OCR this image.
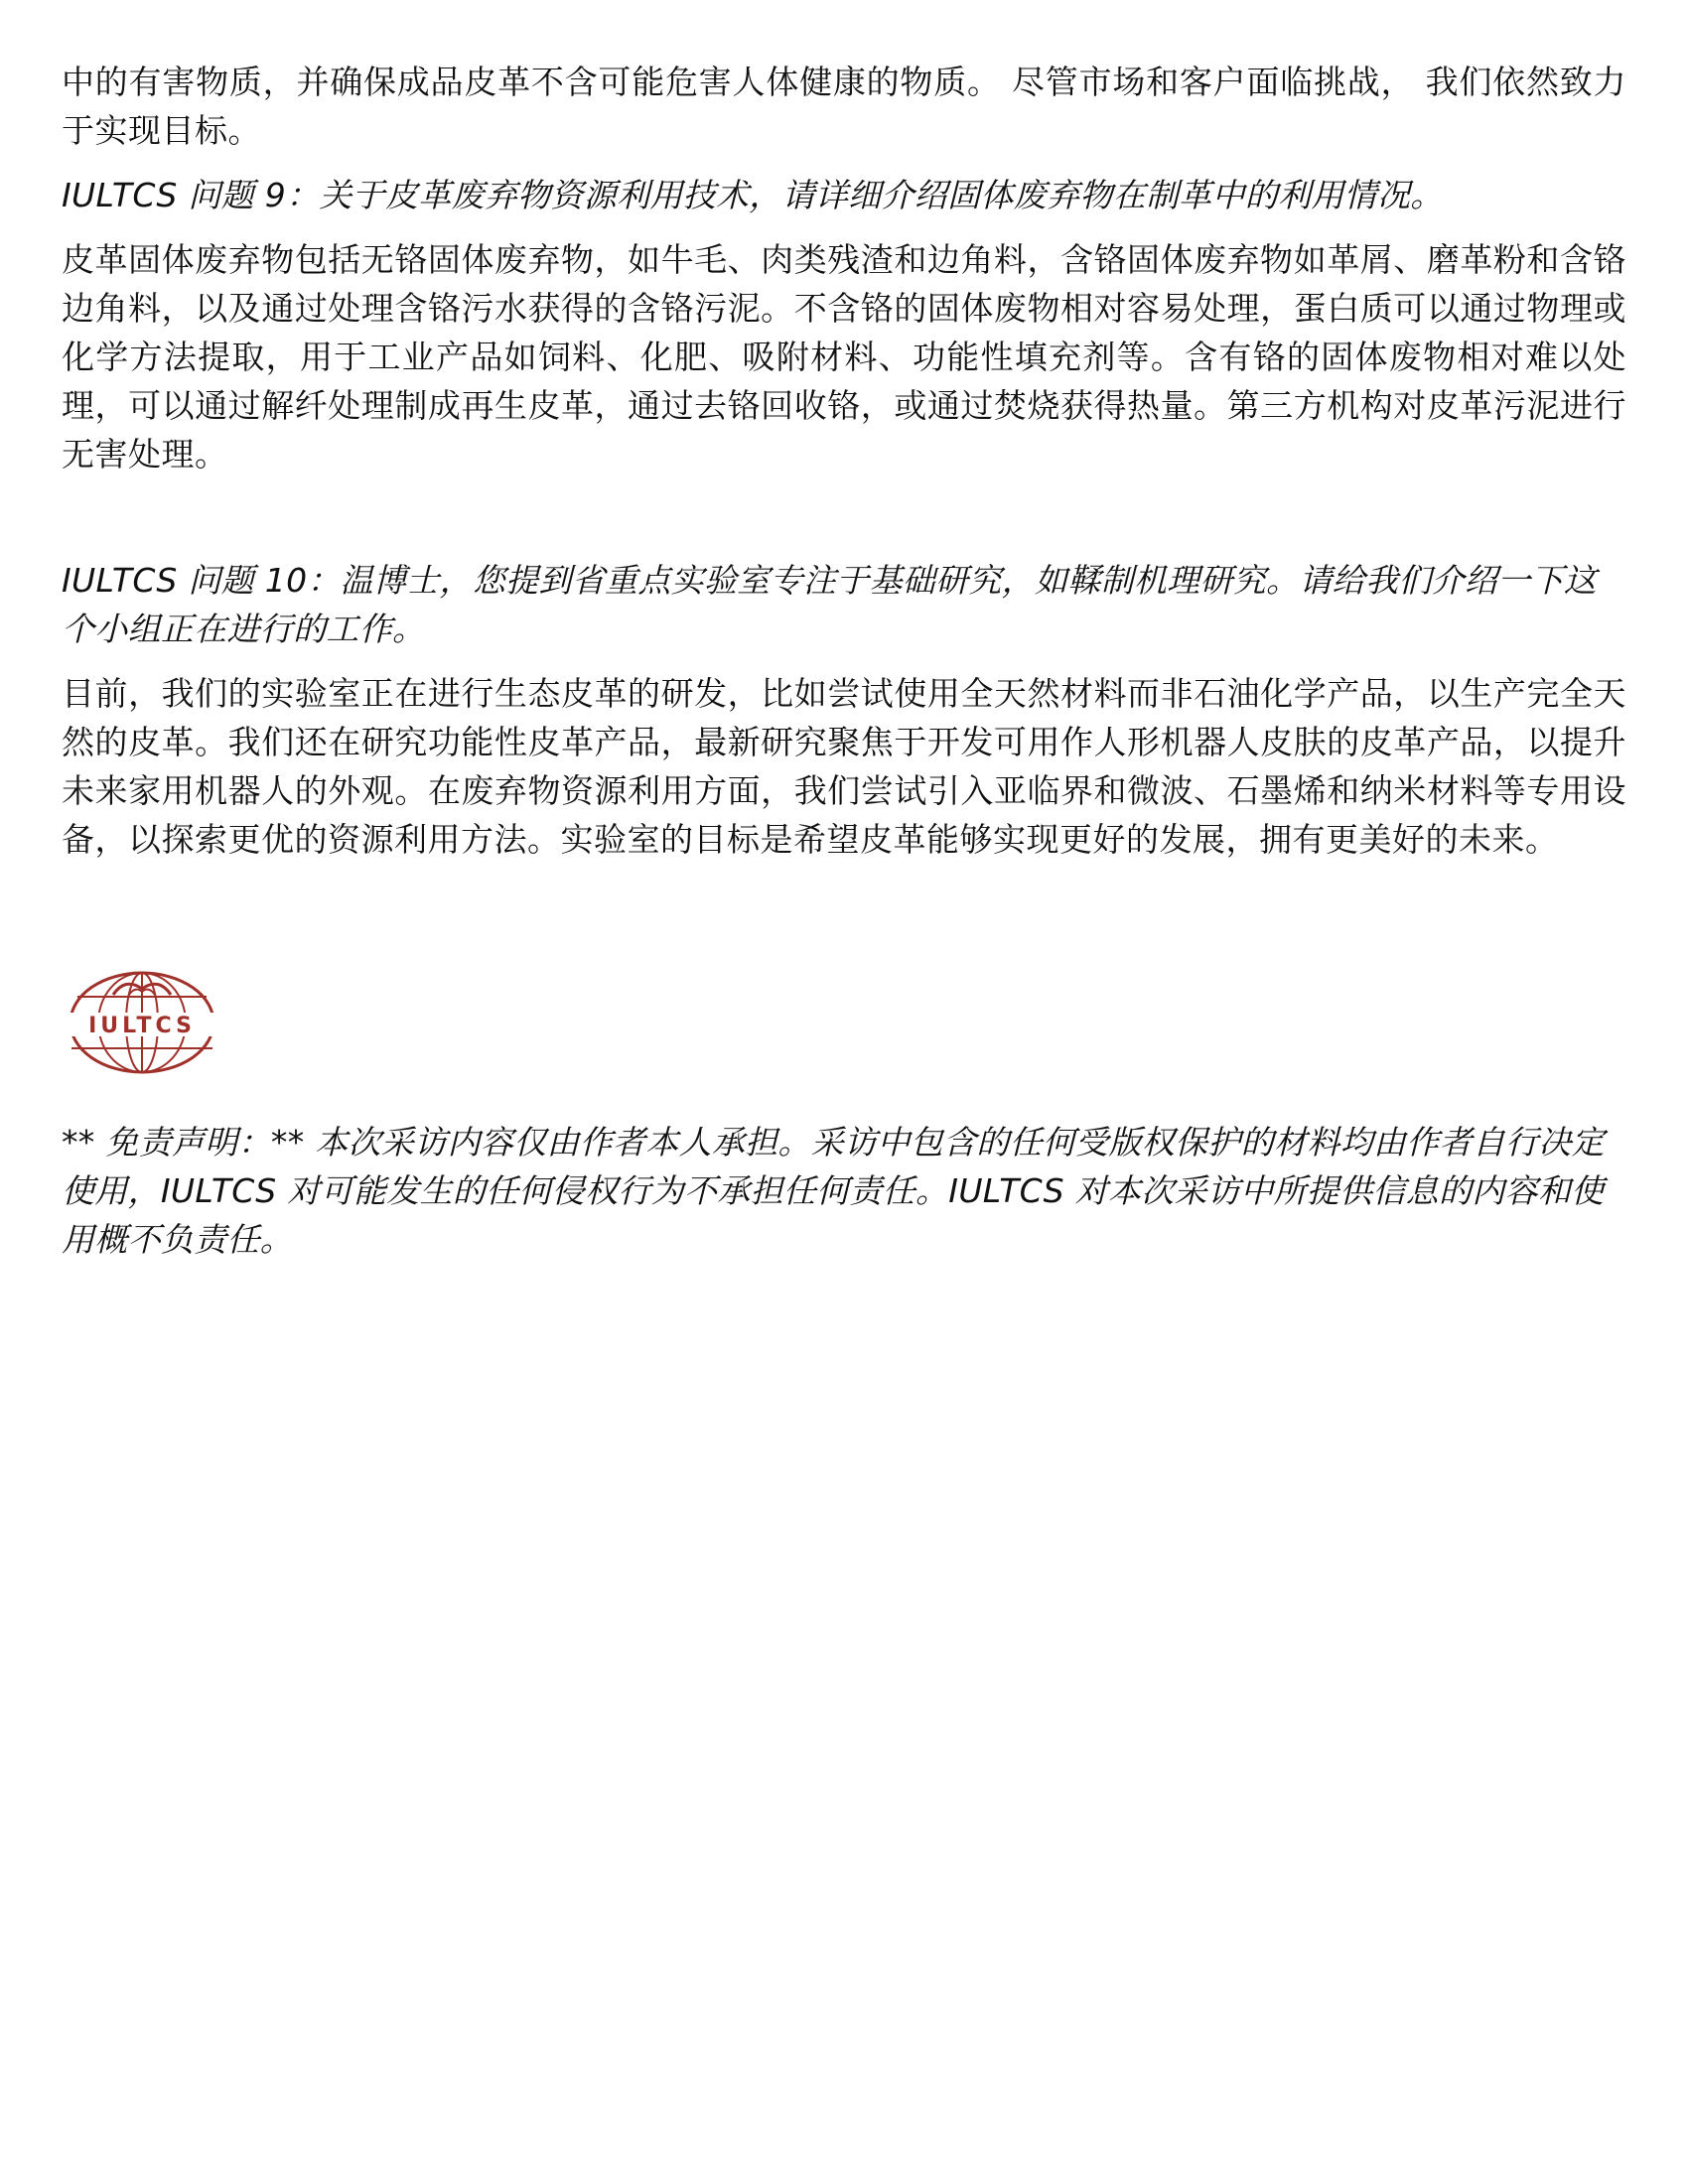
中的有害物质，并确保成品皮革不含可能危害人体健康的物质。 尽管市场和客户面临挑战， 我们依然致力于实现目标。

IULTCS 问题 9：关于皮革废弃物资源利用技术，请详细介绍固体废弃物在制革中的利用情况。

皮革固体废弃物包括无铬固体废弃物，如牛毛、肉类残渣和边角料，含铬固体废弃物如革屑、磨革粉和含铬边角料，以及通过处理含铬污水获得的含铬污泥。不含铬的固体废物相对容易处理，蛋白质可以通过物理或化学方法提取，用于工业产品如饲料、化肥、吸附材料、功能性填充剂等。含有铬的固体废物相对难以处理，可以通过解纤处理制成再生皮革，通过去铬回收铬，或通过焚烧获得热量。第三方机构对皮革污泥进行无害处理。

IULTCS 问题 10：温博士，您提到省重点实验室专注于基础研究，如鞣制机理研究。请给我们介绍一下这个小组正在进行的工作。

目前，我们的实验室正在进行生态皮革的研发，比如尝试使用全天然材料而非石油化学产品，以生产完全天然的皮革。我们还在研究功能性皮革产品，最新研究聚焦于开发可用作人形机器人皮肤的皮革产品，以提升未来家用机器人的外观。在废弃物资源利用方面，我们尝试引入亚临界和微波、石墨烯和纳米材料等专用设备，以探索更优的资源利用方法。实验室的目标是希望皮革能够实现更好的发展，拥有更美好的未来。

IULTCS

** 免责声明：** 本次采访内容仅由作者本人承担。采访中包含的任何受版权保护的材料均由作者自行决定使用，IULTCS 对可能发生的任何侵权行为不承担任何责任。IULTCS 对本次采访中所提供信息的内容和使用概不负责任。
